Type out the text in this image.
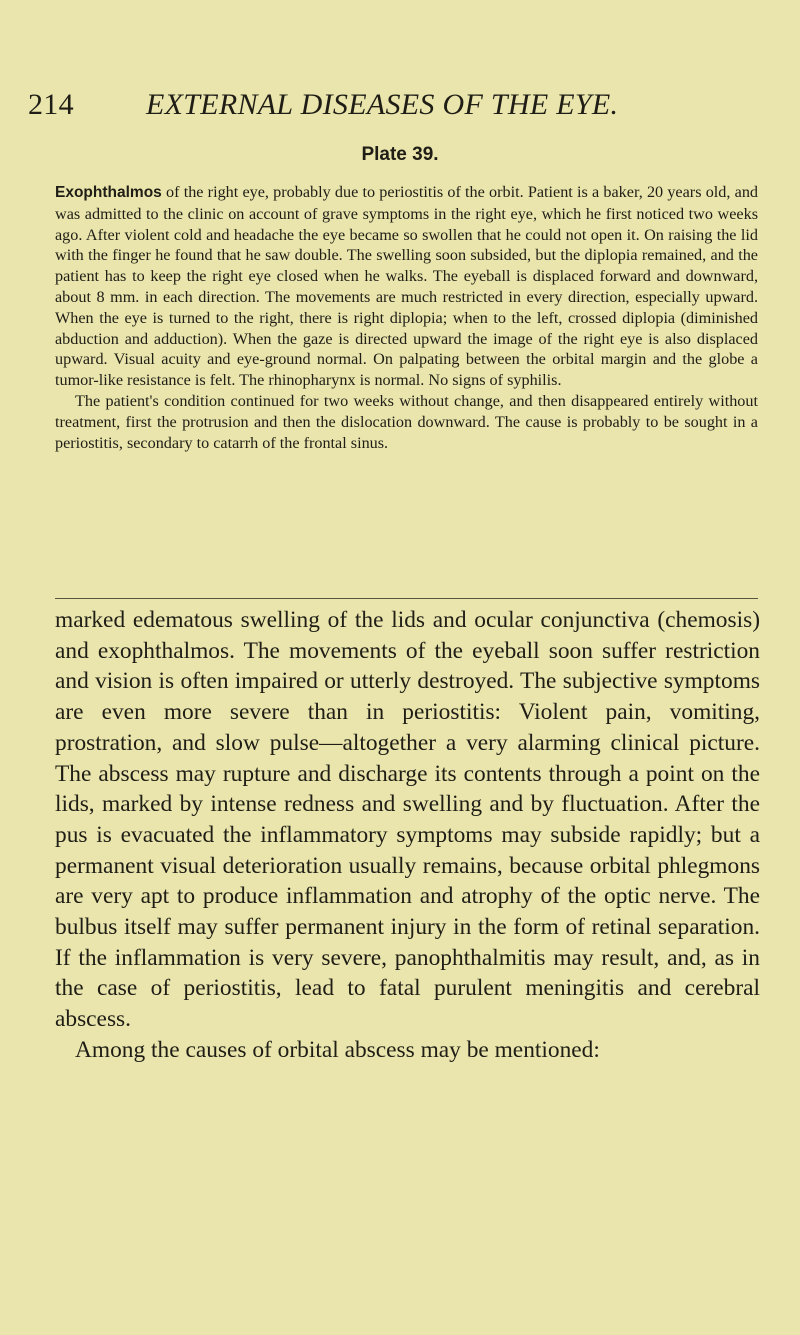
214 EXTERNAL DISEASES OF THE EYE.
Plate 39.

Exophthalmos of the right eye, probably due to periostitis of the orbit. Patient is a baker, 20 years old, and was admitted to the clinic on account of grave symptoms in the right eye, which he first noticed two weeks ago. After violent cold and headache the eye became so swollen that he could not open it. On raising the lid with the finger he found that he saw double. The swelling soon subsided, but the diplopia remained, and the patient has to keep the right eye closed when he walks. The eyeball is displaced forward and downward, about 8 mm. in each direction. The movements are much restricted in every direction, especially upward. When the eye is turned to the right, there is right diplopia; when to the left, crossed diplopia (diminished abduction and adduction). When the gaze is directed upward the image of the right eye is also displaced upward. Visual acuity and eye-ground normal. On palpating between the orbital margin and the globe a tumor-like resistance is felt. The rhinopharynx is normal. No signs of syphilis.

The patient's condition continued for two weeks without change, and then disappeared entirely without treatment, first the protrusion and then the dislocation downward. The cause is probably to be sought in a periostitis, secondary to catarrh of the frontal sinus.

marked edematous swelling of the lids and ocular conjunctiva (chemosis) and exophthalmos. The movements of the eyeball soon suffer restriction and vision is often impaired or utterly destroyed. The subjective symptoms are even more severe than in periostitis: Violent pain, vomiting, prostration, and slow pulse—altogether a very alarming clinical picture. The abscess may rupture and discharge its contents through a point on the lids, marked by intense redness and swelling and by fluctuation. After the pus is evacuated the inflammatory symptoms may subside rapidly; but a permanent visual deterioration usually remains, because orbital phlegmons are very apt to produce inflammation and atrophy of the optic nerve. The bulbus itself may suffer permanent injury in the form of retinal separation. If the inflammation is very severe, panophthalmitis may result, and, as in the case of periostitis, lead to fatal purulent meningitis and cerebral abscess.

Among the causes of orbital abscess may be mentioned:
